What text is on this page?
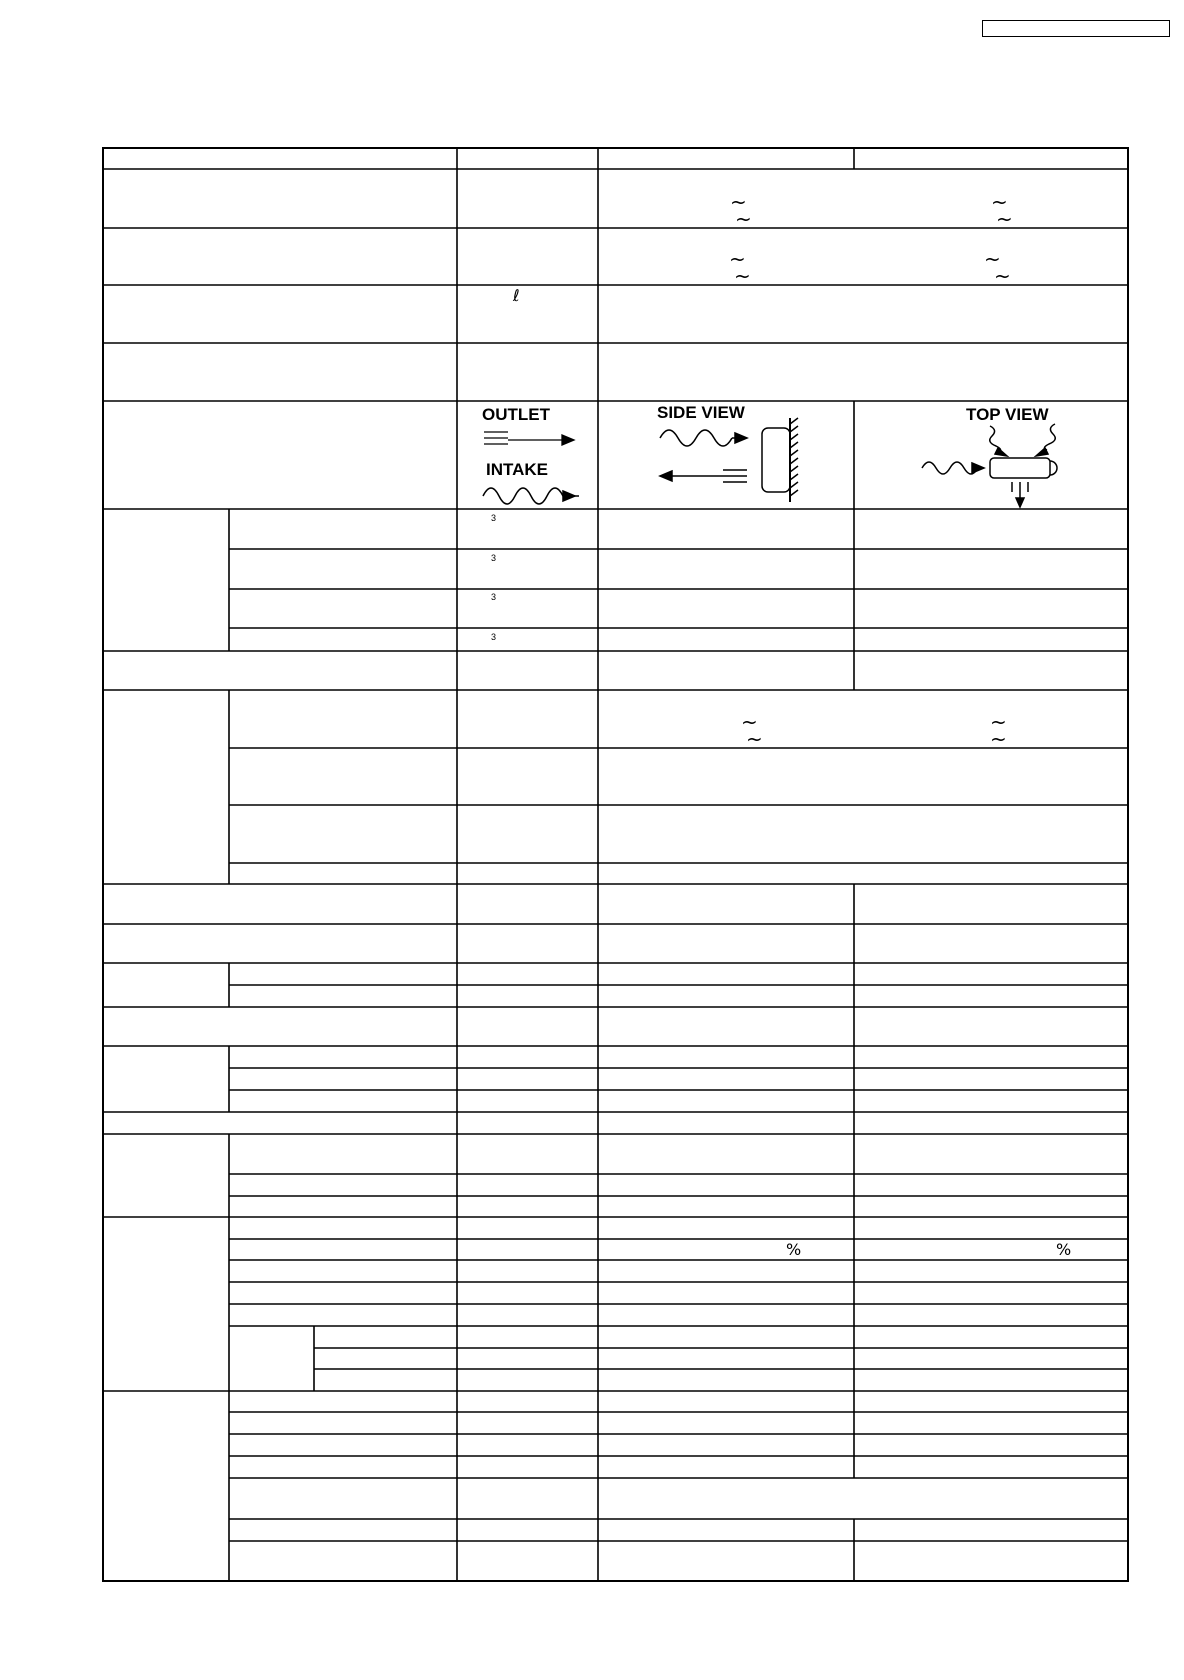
~
~
~
~
~
~
~
~
ℓ
3
3
3
3
~
~
~
~
%	%
OUTLET
INTAKE
SIDE VIEW	TOP VIEW
